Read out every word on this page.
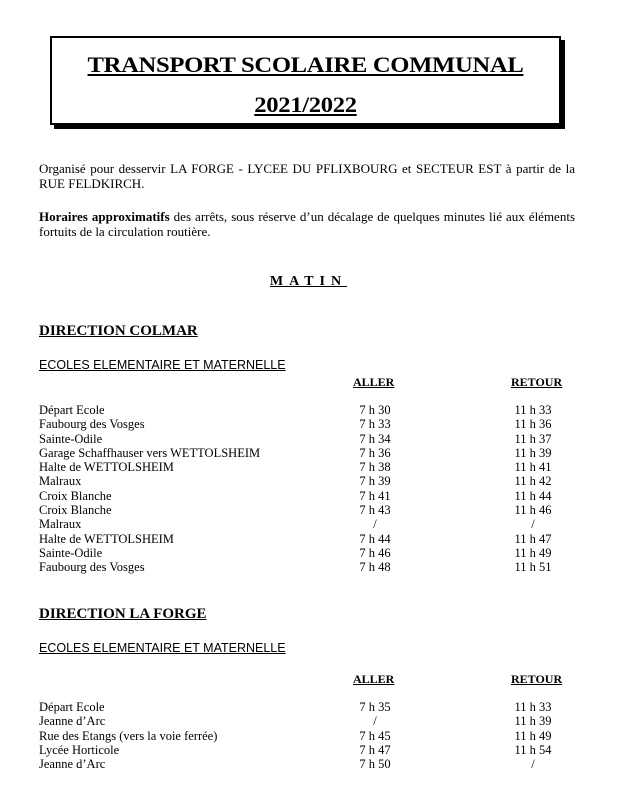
TRANSPORT SCOLAIRE COMMUNAL
2021/2022
Organisé pour desservir LA FORGE - LYCEE DU PFLIXBOURG et SECTEUR EST à partir de la RUE FELDKIRCH.
Horaires approximatifs des arrêts, sous réserve d’un décalage de quelques minutes lié aux éléments fortuits de la circulation routière.
MATIN
DIRECTION COLMAR
ECOLES ELEMENTAIRE ET MATERNELLE
ALLER	RETOUR
Départ Ecole	7 h 30	11 h 33
Faubourg des Vosges	7 h 33	11 h 36
Sainte-Odile	7 h 34	11 h 37
Garage Schaffhauser vers WETTOLSHEIM	7 h 36	11 h 39
Halte de WETTOLSHEIM	7 h 38	11 h 41
Malraux	7 h 39	11 h 42
Croix Blanche	7 h 41	11 h 44
Croix Blanche	7 h 43	11 h 46
Malraux	/	/
Halte de WETTOLSHEIM	7 h 44	11 h 47
Sainte-Odile	7 h 46	11 h 49
Faubourg des Vosges	7 h 48	11 h 51
DIRECTION LA FORGE
ECOLES ELEMENTAIRE ET MATERNELLE
ALLER	RETOUR
Départ Ecole	7 h 35	11 h 33
Jeanne d’Arc	/	11 h 39
Rue des Etangs (vers la voie ferrée)	7 h 45	11 h 49
Lycée Horticole	7 h 47	11 h 54
Jeanne d’Arc	7 h 50	/
